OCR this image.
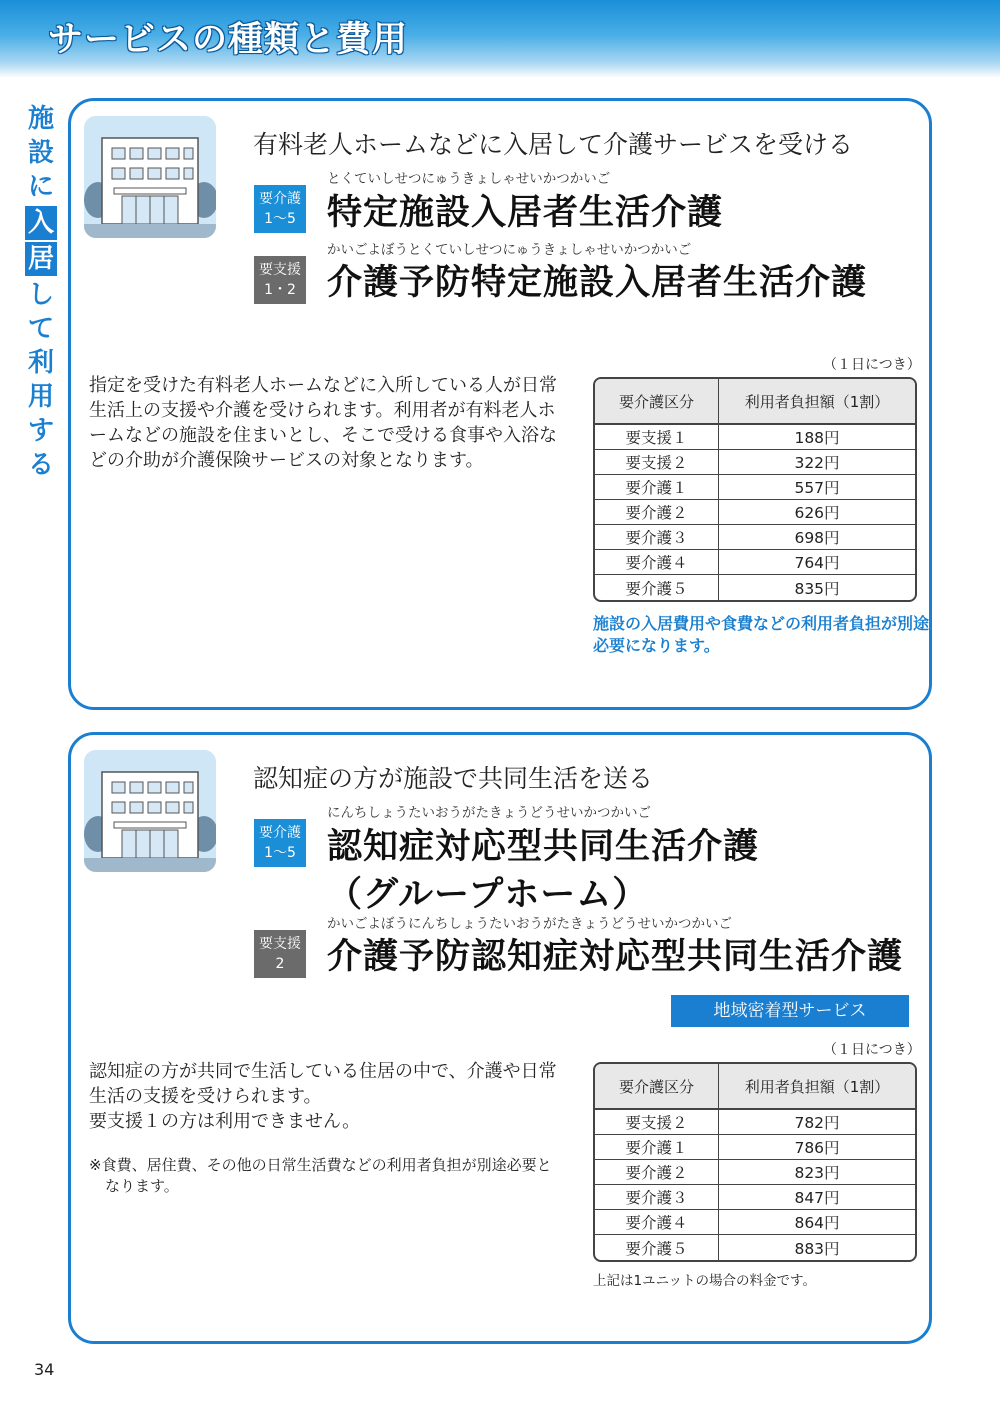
サービスの種類と費用
施
設
に
入
居
し
て
利
用
す
る
有料老人ホームなどに入居して介護サービスを受ける
とくていしせつにゅうきょしゃせいかつかいご
要介護
1〜5 特定施設入居者生活介護
かいごよぼうとくていしせつにゅうきょしゃせいかつかいご
要支援
1・2 介護予防特定施設入居者生活介護
指定を受けた有料老人ホームなどに入所している人が日常生活上の支援や介護を受けられます。利用者が有料老人ホームなどの施設を住まいとし、そこで受ける食事や入浴などの介助が介護保険サービスの対象となります。
（１日につき）
要介護区分	利用者負担額（1割）
要支援１	188円
要支援２	322円
要介護１	557円
要介護２	626円
要介護３	698円
要介護４	764円
要介護５	835円
施設の入居費用や食費などの利用者負担が別途必要になります。
認知症の方が施設で共同生活を送る
にんちしょうたいおうがたきょうどうせいかつかいご
要介護
1〜5 認知症対応型共同生活介護
（グループホーム）
かいごよぼうにんちしょうたいおうがたきょうどうせいかつかいご
要支援
2	介護予防認知症対応型共同生活介護
地域密着型サービス
認知症の方が共同で生活している住居の中で、介護や日常生活の支援を受けられます。
要支援１の方は利用できません。
※食費、居住費、その他の日常生活費などの利用者負担が別途必要となります。
（１日につき）
要介護区分	利用者負担額（1割）
要支援２	782円
要介護１	786円
要介護２	823円
要介護３	847円
要介護４	864円
要介護５	883円
上記は1ユニットの場合の料金です。
34
